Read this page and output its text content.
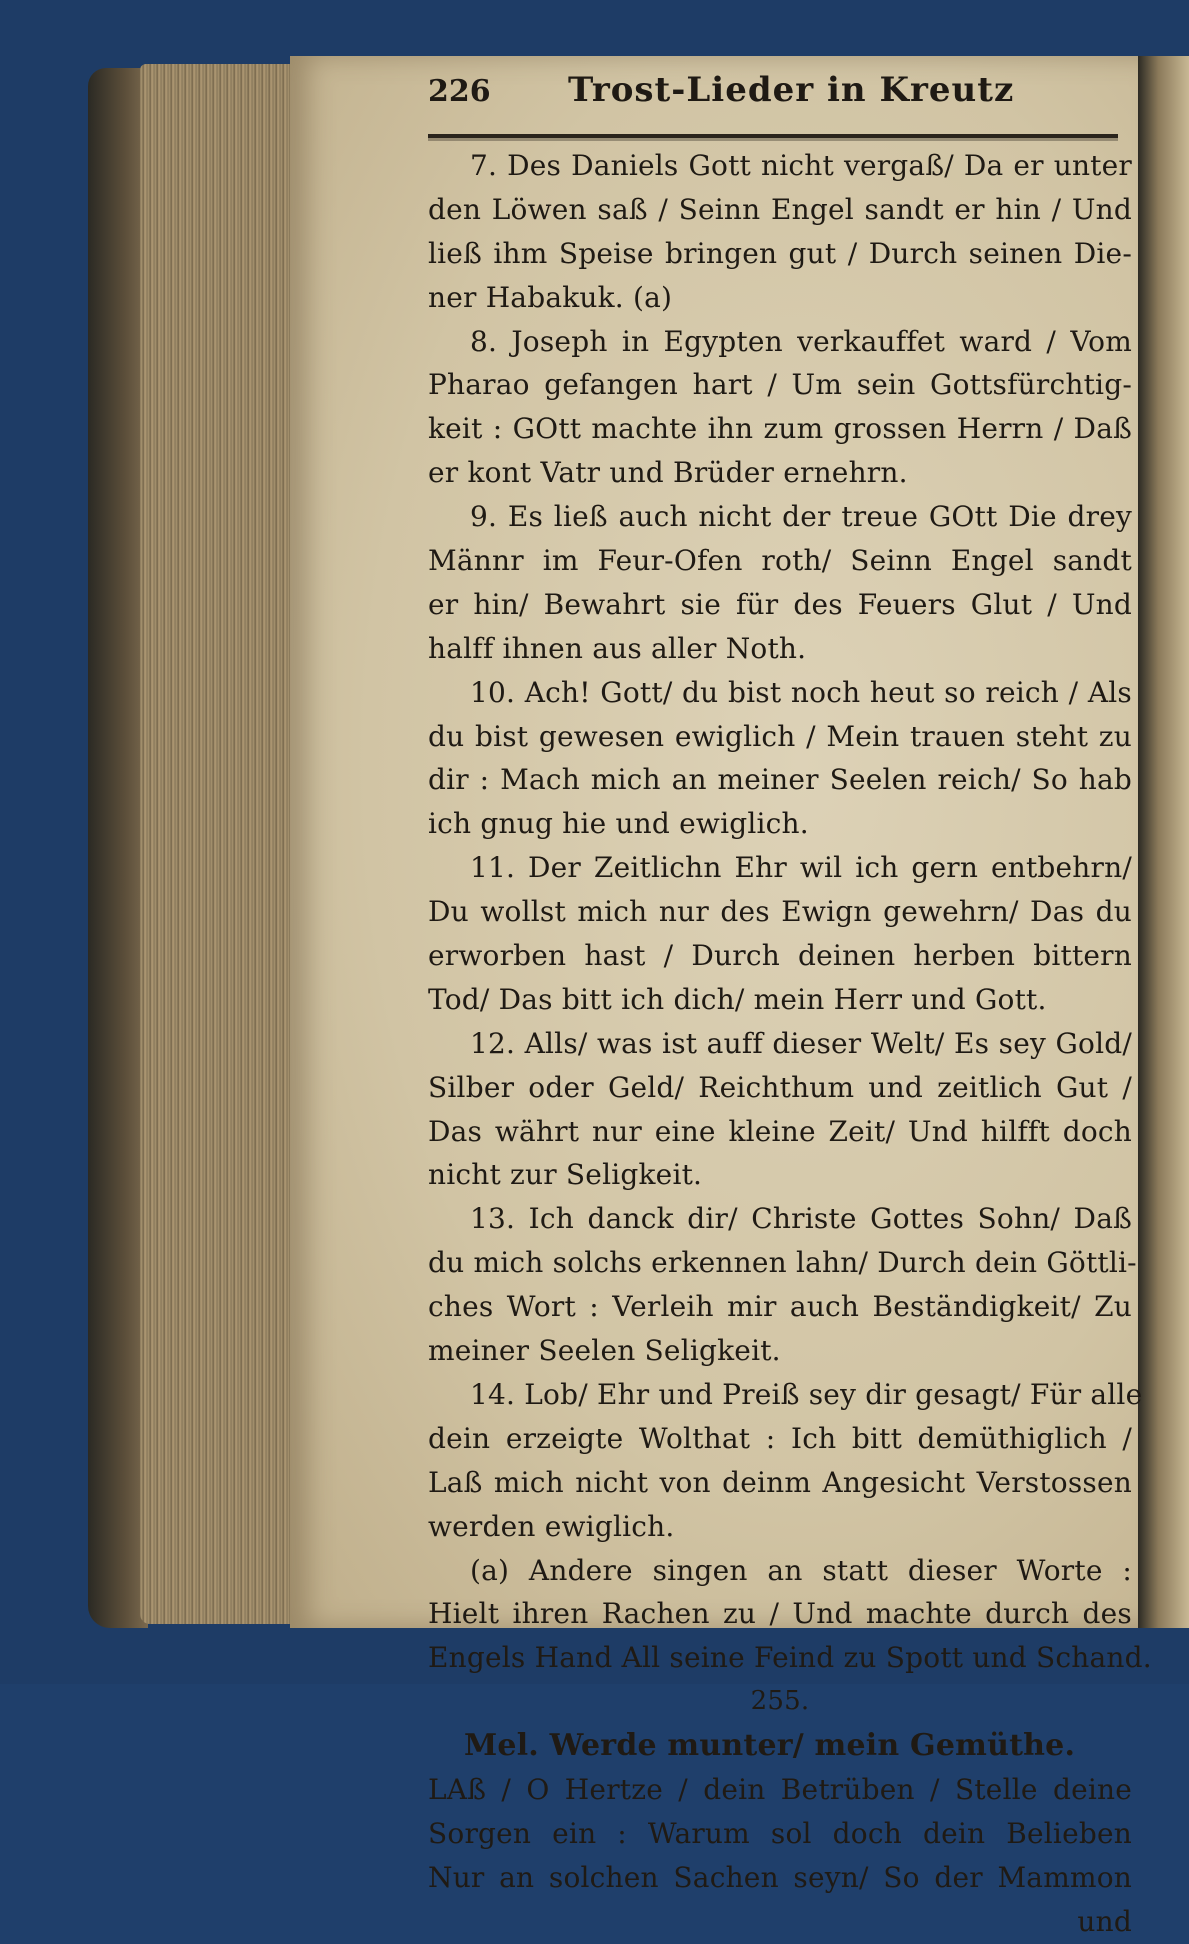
226	Trost-Lieder in Kreutz
7. Des Daniels Gott nicht vergaß/ Da er unter
den Löwen saß / Seinn Engel sandt er hin / Und
ließ ihm Speise bringen gut / Durch seinen Die-
ner Habakuk. (a)
8. Joseph in Egypten verkauffet ward / Vom
Pharao gefangen hart / Um sein Gottsfürchtig-
keit : GOtt machte ihn zum grossen Herrn / Daß
er kont Vatr und Brüder ernehrn.
9. Es ließ auch nicht der treue GOtt Die drey
Männr im Feur-Ofen roth/ Seinn Engel sandt
er hin/ Bewahrt sie für des Feuers Glut / Und
halff ihnen aus aller Noth.
10. Ach! Gott/ du bist noch heut so reich / Als
du bist gewesen ewiglich / Mein trauen steht zu
dir : Mach mich an meiner Seelen reich/ So hab
ich gnug hie und ewiglich.
11. Der Zeitlichn Ehr wil ich gern entbehrn/
Du wollst mich nur des Ewign gewehrn/ Das du
erworben hast / Durch deinen herben bittern
Tod/ Das bitt ich dich/ mein Herr und Gott.
12. Alls/ was ist auff dieser Welt/ Es sey Gold/
Silber oder Geld/ Reichthum und zeitlich Gut /
Das währt nur eine kleine Zeit/ Und hilfft doch
nicht zur Seligkeit.
13. Ich danck dir/ Christe Gottes Sohn/ Daß
du mich solchs erkennen lahn/ Durch dein Göttli-
ches Wort : Verleih mir auch Beständigkeit/ Zu
meiner Seelen Seligkeit.
14. Lob/ Ehr und Preiß sey dir gesagt/ Für alle
dein erzeigte Wolthat : Ich bitt demüthiglich /
Laß mich nicht von deinm Angesicht Verstossen
werden ewiglich.
(a) Andere singen an statt dieser Worte :
Hielt ihren Rachen zu / Und machte durch des
Engels Hand All seine Feind zu Spott und Schand.
255.
Mel. Werde munter/ mein Gemüthe.
LAß / O Hertze / dein Betrüben / Stelle deine
Sorgen ein : Warum sol doch dein Belieben
Nur an solchen Sachen seyn/ So der Mammon
und
